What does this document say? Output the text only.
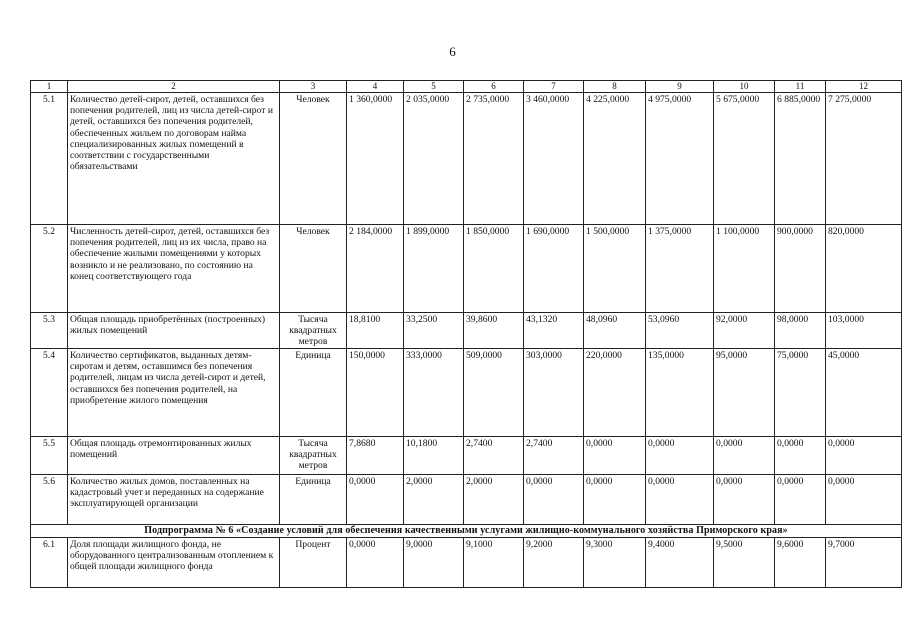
6
1	2	3	4	5	6	7	8	9	10	11	12
5.1	Количество детей-сирот, детей, оставшихся без попечения родителей, лиц из числа детей-сирот и детей, оставшихся без попечения родителей, обеспеченных жильем по договорам найма специализированных жилых помещений в соответствии с государственными обязательствами	Человек	1 360,0000	2 035,0000	2 735,0000	3 460,0000	4 225,0000	4 975,0000	5 675,0000	6 885,0000	7 275,0000
5.2	Численность детей-сирот, детей, оставшихся без попечения родителей, лиц из их числа, право на обеспечение жилыми помещениями у которых возникло и не реализовано, по состоянию на конец соответствующего года	Человек	2 184,0000	1 899,0000	1 850,0000	1 690,0000	1 500,0000	1 375,0000	1 100,0000	900,0000	820,0000
5.3	Общая площадь приобретённых (построенных) жилых помещений	Тысяча квадратных метров	18,8100	33,2500	39,8600	43,1320	48,0960	53,0960	92,0000	98,0000	103,0000
5.4	Количество сертификатов, выданных детям-сиротам и детям, оставшимся без попечения родителей, лицам из числа детей-сирот и детей, оставшихся без попечения родителей, на приобретение жилого помещения	Единица	150,0000	333,0000	509,0000	303,0000	220,0000	135,0000	95,0000	75,0000	45,0000
5.5	Общая площадь отремонтированных жилых помещений	Тысяча квадратных метров	7,8680	10,1800	2,7400	2,7400	0,0000	0,0000	0,0000	0,0000	0,0000
5.6	Количество жилых домов, поставленных на кадастровый учет и переданных на содержание эксплуатирующей организации	Единица	0,0000	2,0000	2,0000	0,0000	0,0000	0,0000	0,0000	0,0000	0,0000
Подпрограмма № 6 «Создание условий для обеспечения качественными услугами жилищно-коммунального хозяйства Приморского края»											
6.1	Доля площади жилищного фонда, не оборудованного централизованным отоплением к общей площади жилищного фонда	Процент	0,0000	9,0000	9,1000	9,2000	9,3000	9,4000	9,5000	9,6000	9,7000
